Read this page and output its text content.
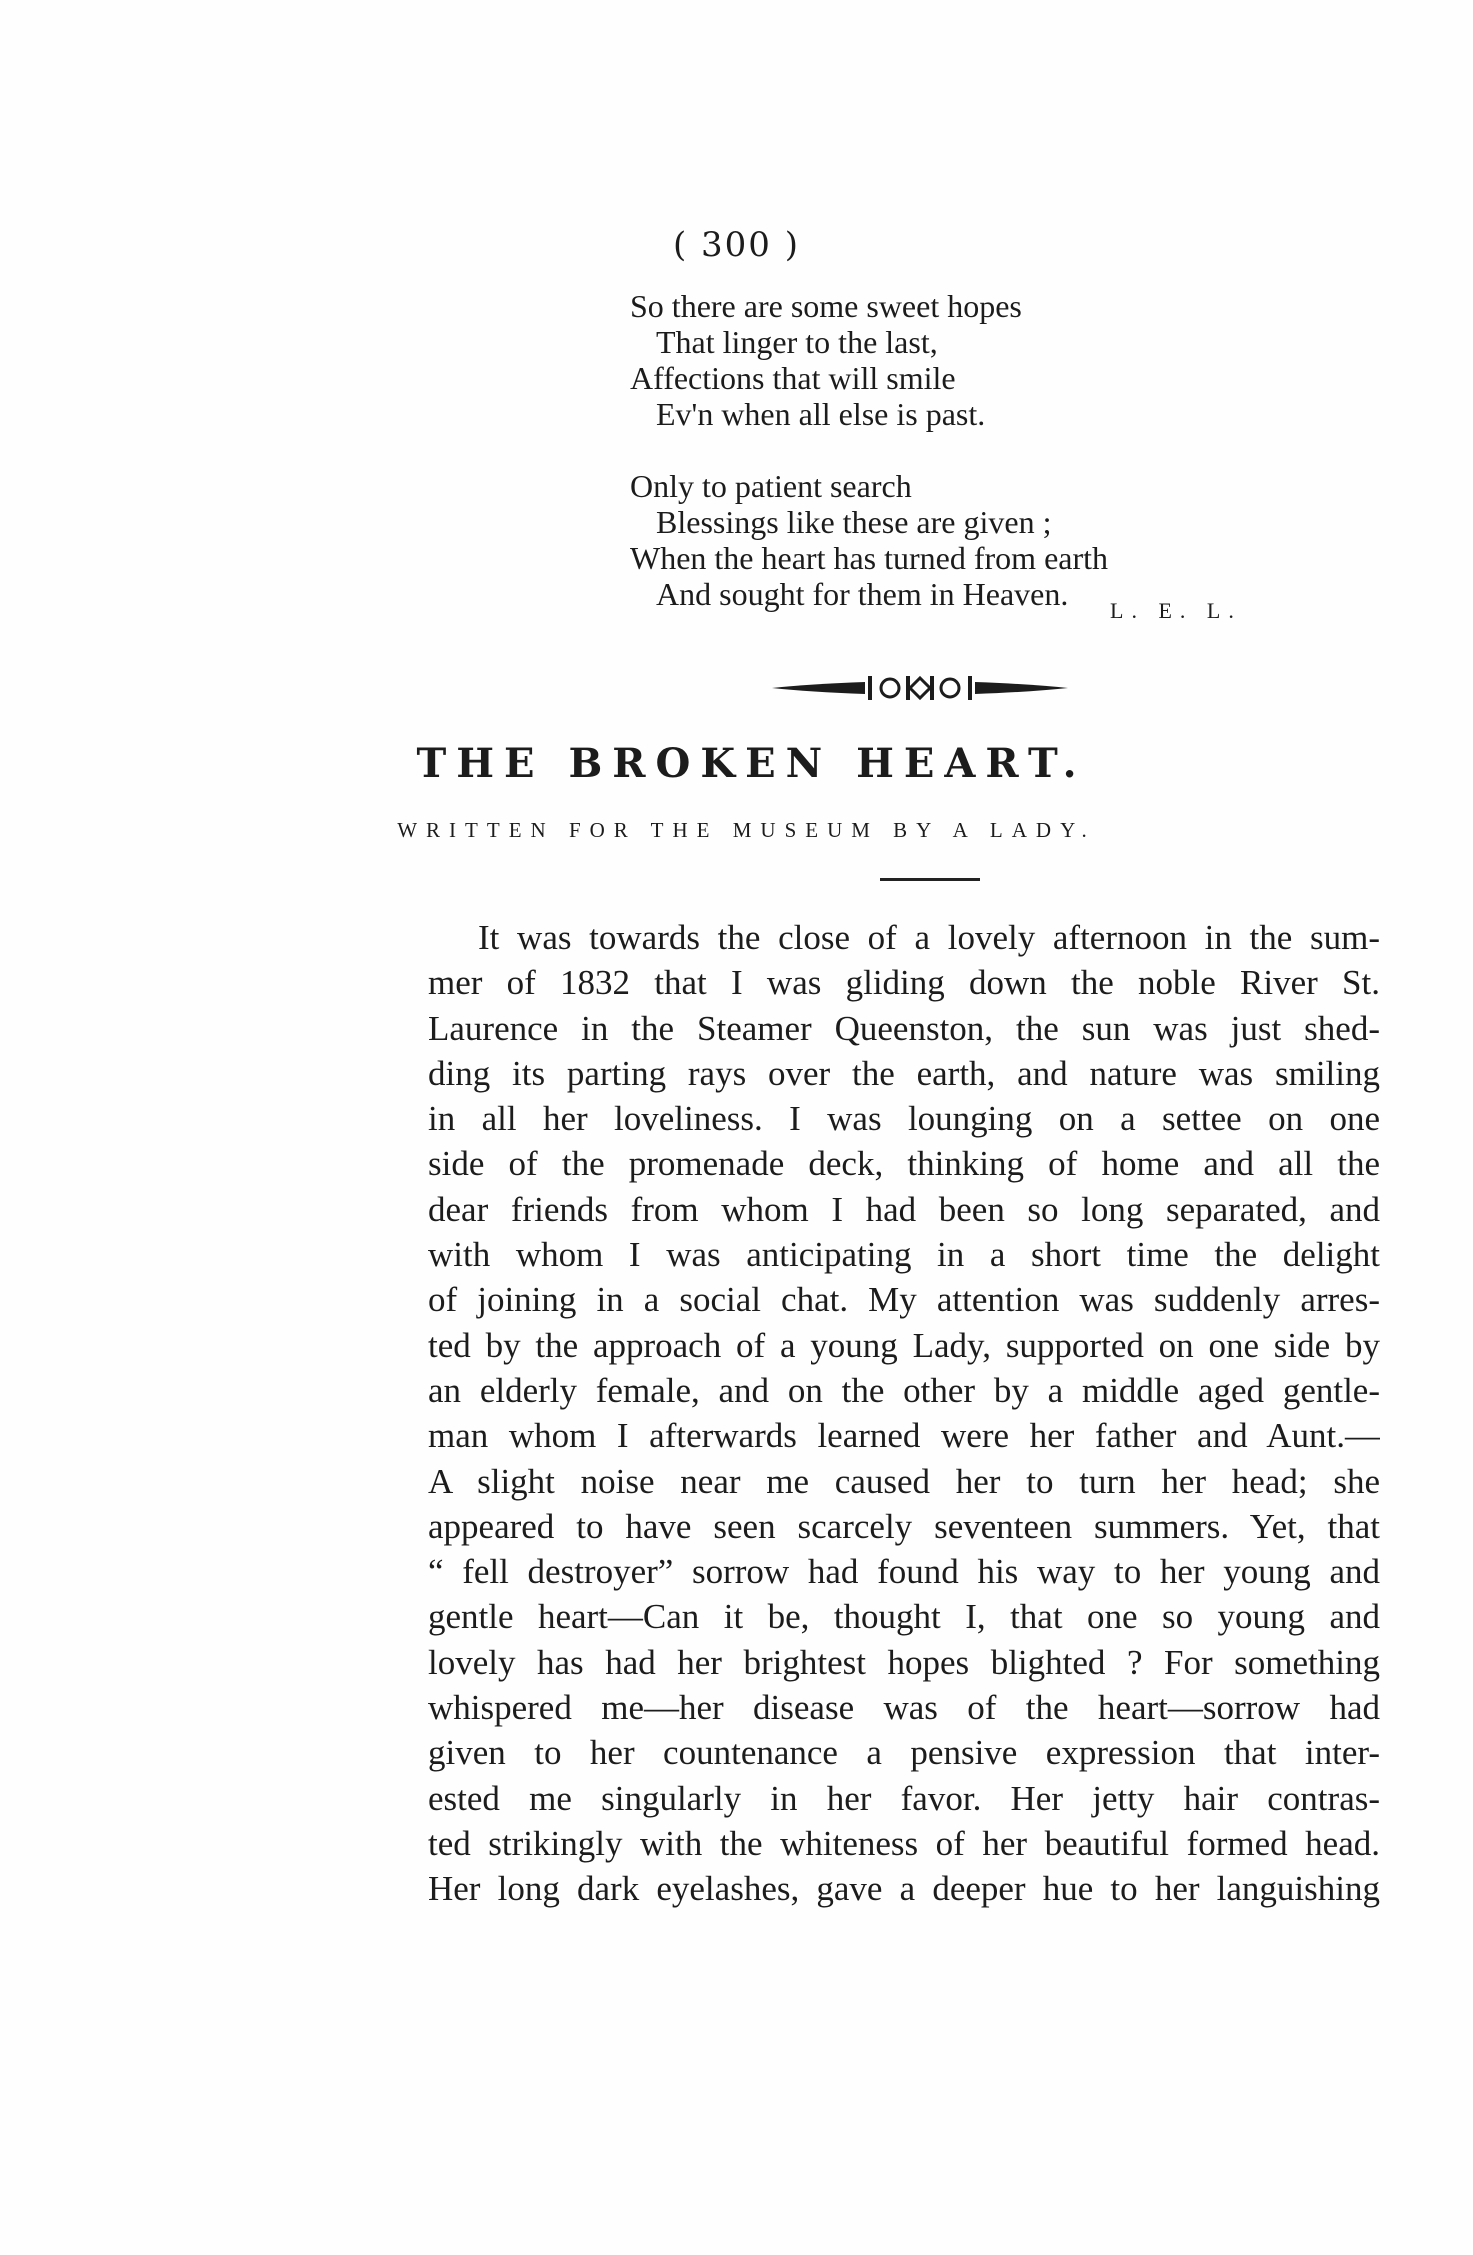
( 300 )
So there are some sweet hopes
That linger to the last,
Affections that will smile
Ev'n when all else is past.
Only to patient search
Blessings like these are given ;
When the heart has turned from earth
And sought for them in Heaven.	L. E. L.
THE BROKEN HEART.
WRITTEN FOR THE MUSEUM BY A LADY.
It was towards the close of a lovely afternoon in the sum-
mer of 1832 that I was gliding down the noble River St.
Laurence in the Steamer Queenston, the sun was just shed-
ding its parting rays over the earth, and nature was smiling
in all her loveliness. I was lounging on a settee on one
side of the promenade deck, thinking of home and all the
dear friends from whom I had been so long separated, and
with whom I was anticipating in a short time the delight
of joining in a social chat. My attention was suddenly arres-
ted by the approach of a young Lady, supported on one side by
an elderly female, and on the other by a middle aged gentle-
man whom I afterwards learned were her father and Aunt.—
A slight noise near me caused her to turn her head; she
appeared to have seen scarcely seventeen summers. Yet, that
“ fell destroyer” sorrow had found his way to her young and
gentle heart—Can it be, thought I, that one so young and
lovely has had her brightest hopes blighted ? For something
whispered me—her disease was of the heart—sorrow had
given to her countenance a pensive expression that inter-
ested me singularly in her favor. Her jetty hair contras-
ted strikingly with the whiteness of her beautiful formed head.
Her long dark eyelashes, gave a deeper hue to her languishing
